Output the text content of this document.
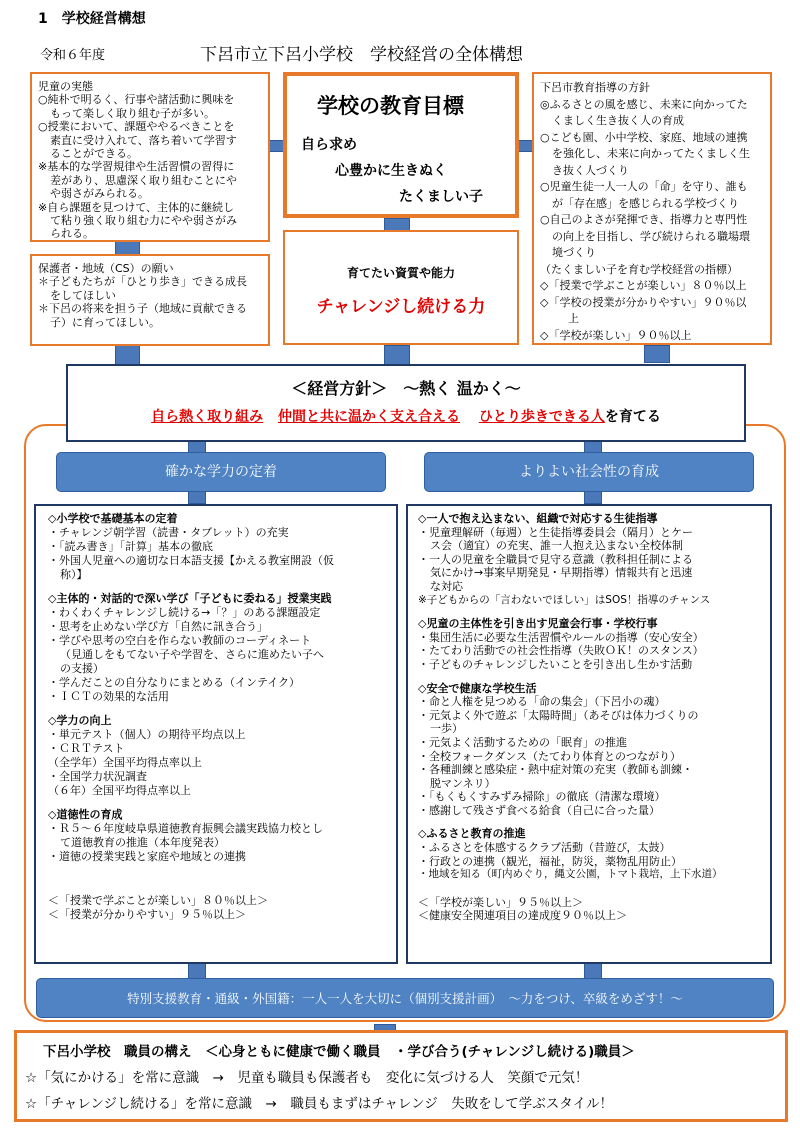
1　学校経営構想
令和６年度	下呂市立下呂小学校　学校経営の全体構想
児童の実態
○純朴で明るく、行事や諸活動に興味を
もって楽しく取り組む子が多い。
○授業において、課題ややるべきことを
素直に受け入れて、落ち着いて学習す
ることができる。
※基本的な学習規律や生活習慣の習得に
差があり、思慮深く取り組むことにや
や弱さがみられる。
※自ら課題を見つけて、主体的に継続し
て粘り強く取り組む力にやや弱さがみ
られる。
保護者・地域（CS）の願い
＊子どもたちが「ひとり歩き」できる成長
をしてほしい
＊下呂の将来を担う子（地域に貢献できる
子）に育ってほしい。
学校の教育目標
自ら求め
心豊かに生きぬく
たくましい子
育てたい資質や能力
チャレンジし続ける力
下呂市教育指導の方針
◎ふるさとの風を感じ、未来に向かってた
くましく生き抜く人の育成
○こども園、小中学校、家庭、地域の連携
を強化し、未来に向かってたくましく生
き抜く人づくり
○児童生徒一人一人の「命」を守り、誰も
が「存在感」を感じられる学校づくり
○自己のよさが発揮でき、指導力と専門性
の向上を目指し、学び続けられる職場環
境づくり
（たくましい子を育む学校経営の指標）
◇「授業で学ぶことが楽しい」８０％以上
◇「学校の授業が分かりやすい」９０％以
上
◇「学校が楽しい」９０％以上
＜経営方針＞　～熱く 温かく～
自ら熱く取り組み 仲間と共に温かく支え合える ひとり歩きできる人を育てる
確かな学力の定着	よりよい社会性の育成
◇小学校で基礎基本の定着
・チャレンジ朝学習（読書・タブレット）の充実
・「読み書き」「計算」基本の徹底
・外国人児童への適切な日本語支援【かえる教室開設（仮
称）】
◇主体的・対話的で深い学び「子どもに委ねる」授業実践
・わくわくチャレンジし続ける→「？」のある課題設定
・思考を止めない学び方「自然に訊き合う」
・学びや思考の空白を作らない教師のコーディネート
（見通しをもてない子や学習を、さらに進めたい子へ
の支援）
・学んだことの自分なりにまとめる（インテイク）
・ＩＣＴの効果的な活用
◇学力の向上
・単元テスト（個人）の期待平均点以上
・ＣＲＴテスト
（全学年）全国平均得点率以上
・全国学力状況調査
（６年）全国平均得点率以上
◇道徳性の育成
・Ｒ５～６年度岐阜県道徳教育振興会議実践協力校とし
て道徳教育の推進（本年度発表）
・道徳の授業実践と家庭や地域との連携
＜「授業で学ぶことが楽しい」８０％以上＞
＜「授業が分かりやすい」９５％以上＞
◇一人で抱え込まない、組織で対応する生徒指導
・児童理解研（毎週）と生徒指導委員会（隔月）とケー
ス会（適宜）の充実、誰一人抱え込まない全校体制
・一人の児童を全職員で見守る意識（教科担任制による
気にかけ→事案早期発見・早期指導）情報共有と迅速
な対応
※子どもからの「言わないでほしい」はSOS！指導のチャンス
◇児童の主体性を引き出す児童会行事・学校行事
・集団生活に必要な生活習慣やルールの指導（安心安全）
・たてわり活動での社会性指導（失敗ＯＫ！のスタンス）
・子どものチャレンジしたいことを引き出し生かす活動
◇安全で健康な学校生活
・命と人権を見つめる「命の集会」（下呂小の魂）
・元気よく外で遊ぶ「太陽時間」（あそびは体力づくりの
一歩）
・元気よく活動するための「眠育」の推進
・全校フォークダンス（たてわり体育とのつながり）
・各種訓練と感染症・熱中症対策の充実（教師も訓練・
脱マンネリ）
・「もくもくすみずみ掃除」の徹底（清潔な環境）
・感謝して残さず食べる給食（自己に合った量）
◇ふるさと教育の推進
・ふるさとを体感するクラブ活動（昔遊び，太鼓）
・行政との連携（観光，福祉，防災，薬物乱用防止）
・地域を知る（町内めぐり，縄文公園，トマト栽培，上下水道）
＜「学校が楽しい」９５％以上＞
＜健康安全関連項目の達成度９０％以上＞
特別支援教育・通級・外国籍：一人一人を大切に（個別支援計画）　～力をつけ、卒級をめざす！～
下呂小学校　職員の構え　＜心身ともに健康で働く職員　・学び合う(チャレンジし続ける)職員＞
☆「気にかける」を常に意識　→　児童も職員も保護者も　変化に気づける人　笑顔で元気！
☆「チャレンジし続ける」を常に意識　→　職員もまずはチャレンジ　失敗をして学ぶスタイル！
